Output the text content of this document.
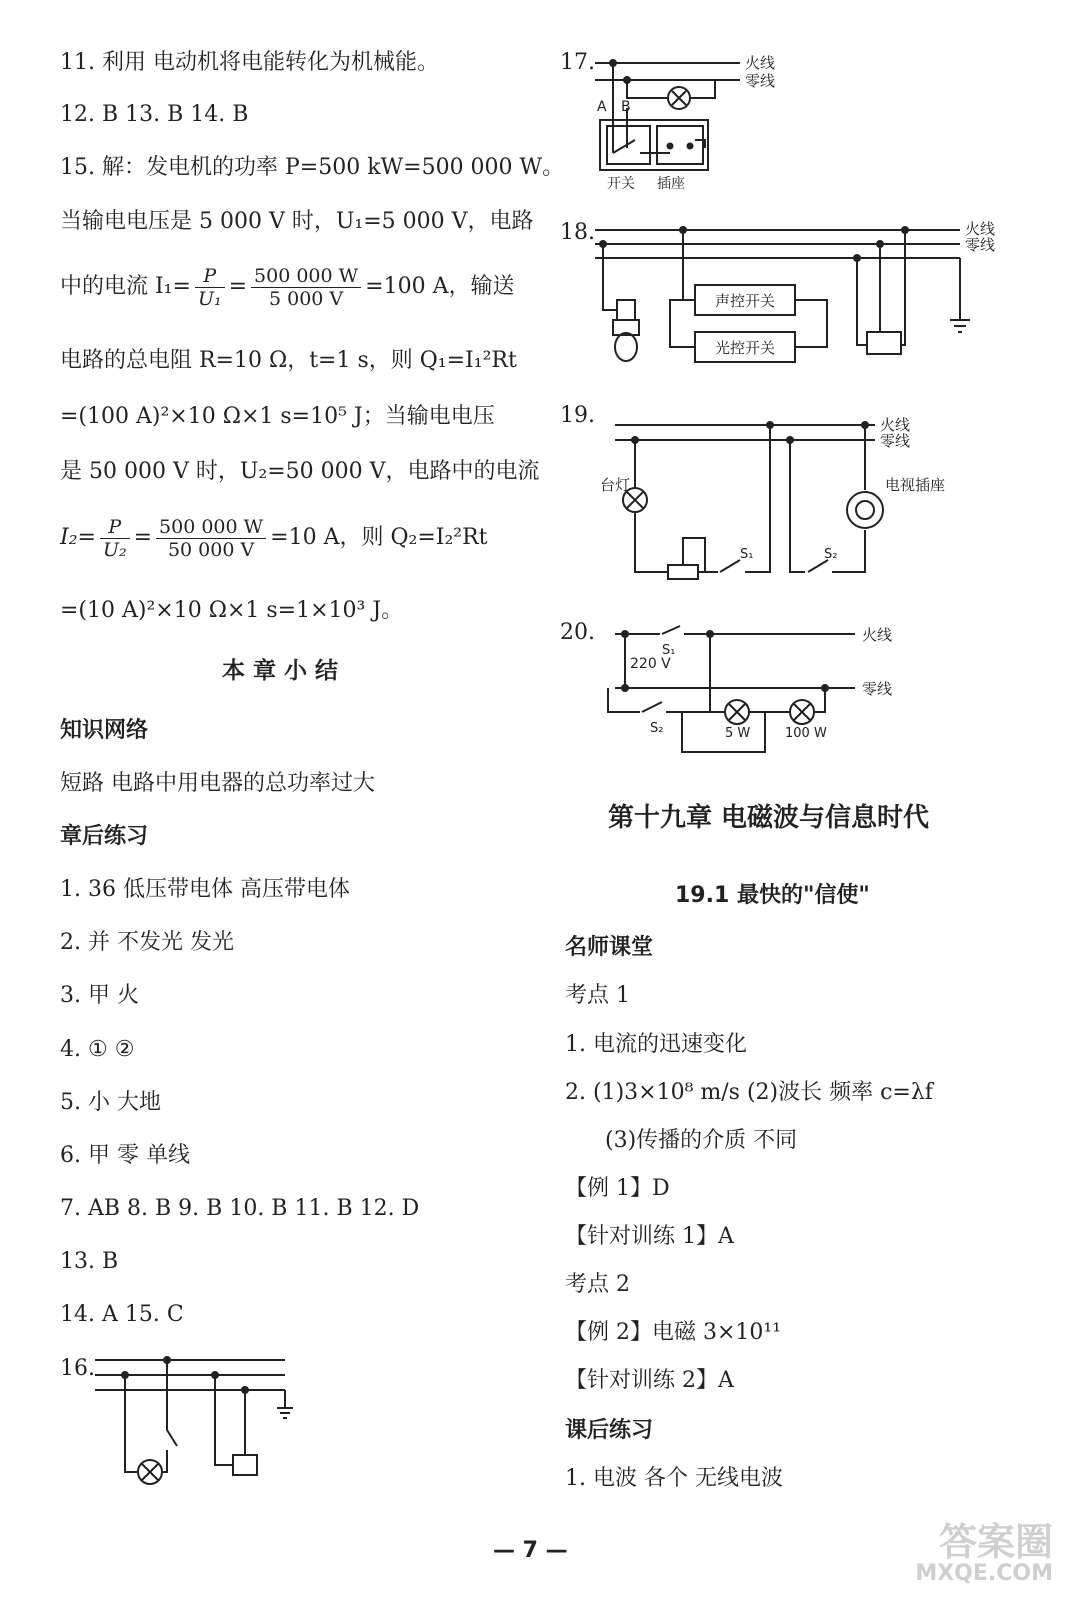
11. 利用 电动机将电能转化为机械能。
12. B 13. B 14. B
15. 解：发电机的功率 P=500 kW=500 000 W。
当输电电压是 5 000 V 时，U₁=5 000 V，电路
中的电流 $I_1= \frac{P}{\text{U₁}} = \frac{500 000 W}{5 000 V} =100$ A，输送
电路的总电阻 R=10 Ω，t=1 s，则 Q₁=I₁²Rt
=(100 A)²×10 Ω×1 s=10⁵ J；当输电电压
是 50 000 V 时，U₂=50 000 V，电路中的电流
$I_2= \frac{P}{\text{U₂}} = \frac{500 000 W}{50 000 V} =10$ A，则 Q₂=I₂²Rt
=(10 A)²×10 Ω×1 s=1×10³ J。
本 章 小 结
知识网络
短路 电路中用电器的总功率过大
章后练习
1. 36 低压带电体 高压带电体
2. 并 不发光 发光
3. 甲 火
4. ① ②
5. 小 大地
6. 甲 零 单线
7. AB 8. B 9. B 10. B 11. B 12. D
13. B
14. A 15. C
16.
17.	火线
零线
A B
开关 插座
18.	火线
零线
声控开关
光控开关
19.
台灯	电视插座
火线
零线
S₁	S₂
20.	火线
零线
220 V
S₁
S₂	5 W	100 W
第十九章 电磁波与信息时代
19.1 最快的"信使"
名师课堂
考点 1
1. 电流的迅速变化
2. (1)3×10⁸ m/s (2)波长 频率 c=λf
(3)传播的介质 不同
【例 1】D
【针对训练 1】A
考点 2
【例 2】电磁 3×10¹¹
【针对训练 2】A
课后练习
1. 电波 各个 无线电波
— 7 —	答案圈
MXQE.COM
